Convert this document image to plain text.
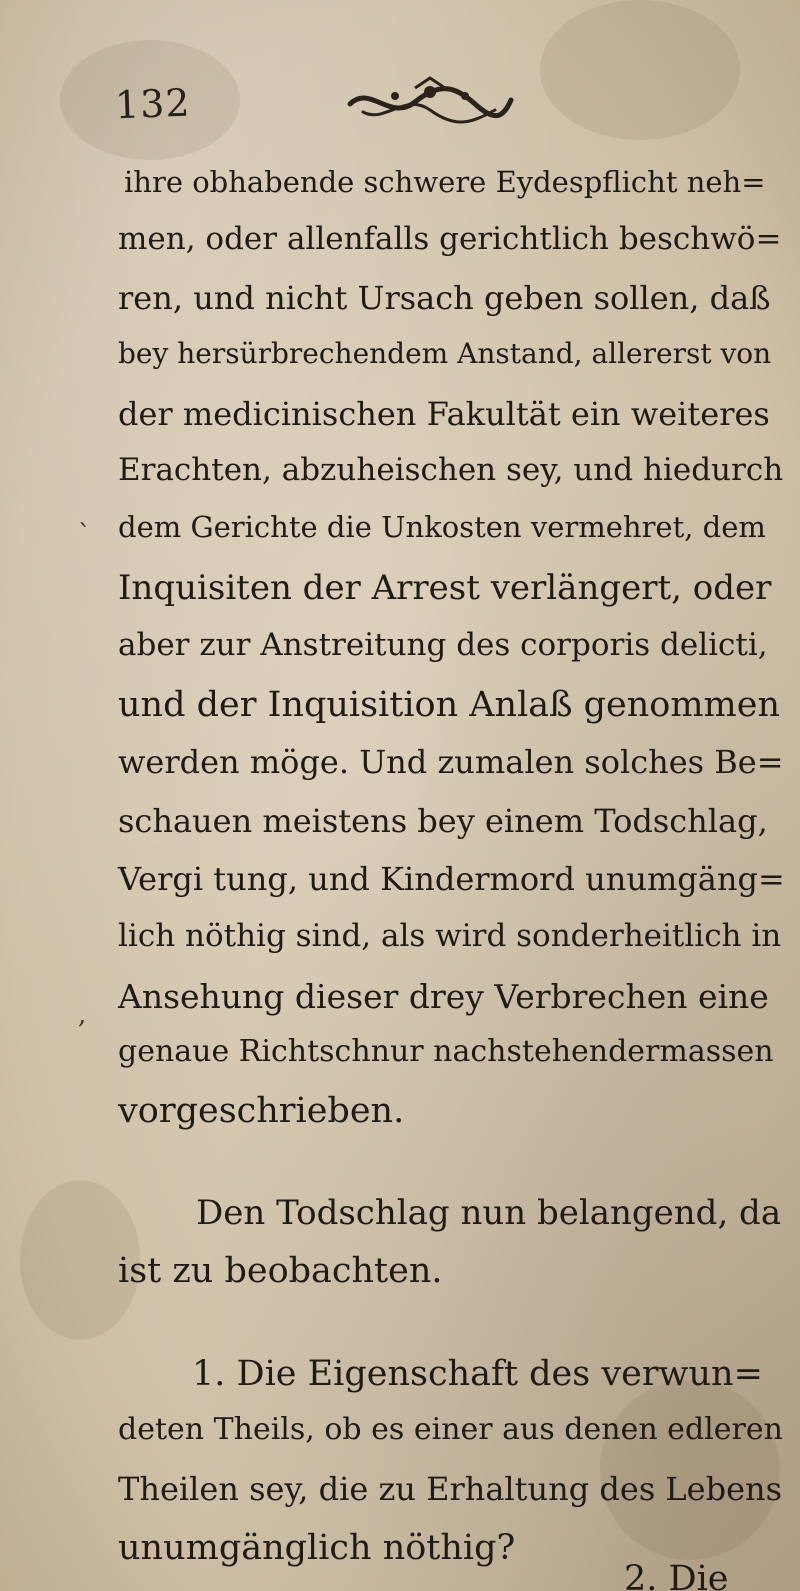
132
`
,
ihre obhabende schwere Eydespflicht neh=
men, oder allenfalls gerichtlich beschwö=
ren, und nicht Ursach geben sollen, daß
bey hersürbrechendem Anstand, allererst von
der medicinischen Fakultät ein weiteres
Erachten, abzuheischen sey, und hiedurch
dem Gerichte die Unkosten vermehret, dem
Inquisiten der Arrest verlängert, oder
aber zur Anstreitung des corporis delicti,
und der Inquisition Anlaß genommen
werden möge. Und zumalen solches Be=
schauen meistens bey einem Todschlag,
Vergi tung, und Kindermord unumgäng=
lich nöthig sind, als wird sonderheitlich in
Ansehung dieser drey Verbrechen eine
genaue Richtschnur nachstehendermassen
vorgeschrieben.
Den Todschlag nun belangend, da
ist zu beobachten.
1. Die Eigenschaft des verwun=
deten Theils, ob es einer aus denen edleren
Theilen sey, die zu Erhaltung des Lebens
unumgänglich nöthig?
2. Die
